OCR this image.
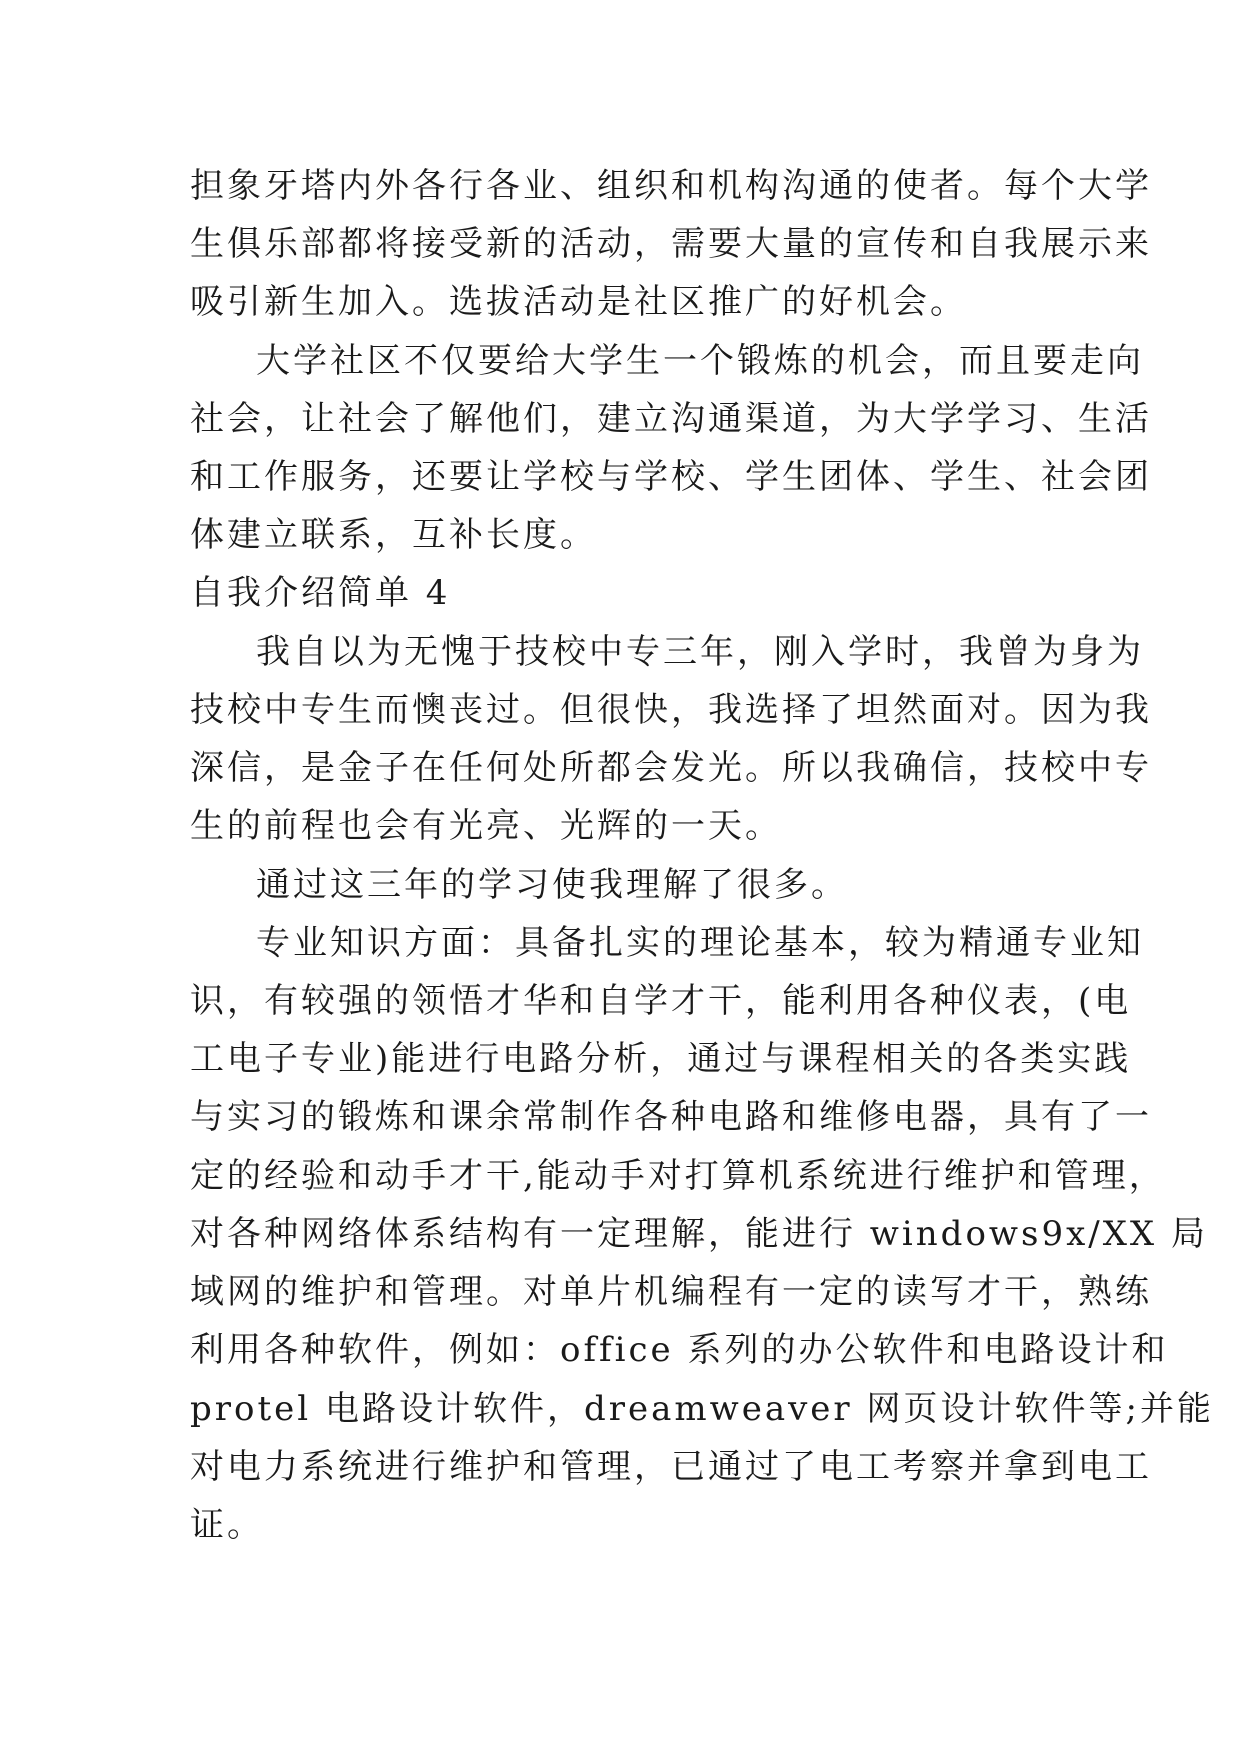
担象牙塔内外各行各业、组织和机构沟通的使者。每个大学
生俱乐部都将接受新的活动，需要大量的宣传和自我展示来
吸引新生加入。选拔活动是社区推广的好机会。
大学社区不仅要给大学生一个锻炼的机会，而且要走向
社会，让社会了解他们，建立沟通渠道，为大学学习、生活
和工作服务，还要让学校与学校、学生团体、学生、社会团
体建立联系，互补长度。
自我介绍简单 4
我自以为无愧于技校中专三年，刚入学时，我曾为身为
技校中专生而懊丧过。但很快，我选择了坦然面对。因为我
深信，是金子在任何处所都会发光。所以我确信，技校中专
生的前程也会有光亮、光辉的一天。
通过这三年的学习使我理解了很多。
专业知识方面：具备扎实的理论基本，较为精通专业知
识，有较强的领悟才华和自学才干，能利用各种仪表，(电
工电子专业)能进行电路分析，通过与课程相关的各类实践
与实习的锻炼和课余常制作各种电路和维修电器，具有了一
定的经验和动手才干,能动手对打算机系统进行维护和管理，
对各种网络体系结构有一定理解，能进行 windows9x/XX 局
域网的维护和管理。对单片机编程有一定的读写才干，熟练
利用各种软件，例如：office 系列的办公软件和电路设计和
protel 电路设计软件，dreamweaver 网页设计软件等;并能
对电力系统进行维护和管理，已通过了电工考察并拿到电工
证。
